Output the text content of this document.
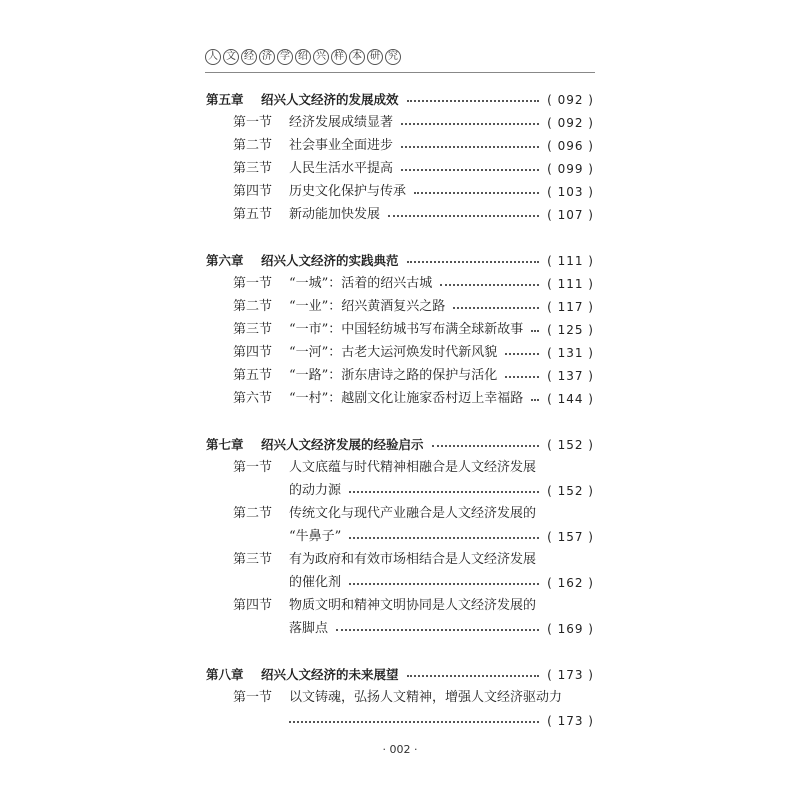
人 文 经 济 学 绍 兴 样 本 研 究
第五章	绍兴人文经济的发展成效	( 092 )
第一节	经济发展成绩显著	( 092 )
第二节	社会事业全面进步	( 096 )
第三节	人民生活水平提高	( 099 )
第四节	历史文化保护与传承	( 103 )
第五节	新动能加快发展	( 107 )
第六章	绍兴人文经济的实践典范	( 111 )
第一节	“一城”：活着的绍兴古城	( 111 )
第二节	“一业”：绍兴黄酒复兴之路	( 117 )
第三节	“一市”：中国轻纺城书写布满全球新故事 ( 125 )
第四节	“一河”：古老大运河焕发时代新风貌	( 131 )
第五节	“一路”：浙东唐诗之路的保护与活化	( 137 )
第六节	“一村”：越剧文化让施家岙村迈上幸福路 ( 144 )
第七章	绍兴人文经济发展的经验启示	( 152 )
第一节	人文底蕴与时代精神相融合是人文经济发展
的动力源	( 152 )
第二节	传统文化与现代产业融合是人文经济发展的
“牛鼻子”	( 157 )
第三节	有为政府和有效市场相结合是人文经济发展
的催化剂	( 162 )
第四节	物质文明和精神文明协同是人文经济发展的
落脚点	( 169 )
第八章	绍兴人文经济的未来展望	( 173 )
第一节	以文铸魂，弘扬人文精神，增强人文经济驱动力
( 173 )
· 002 ·
